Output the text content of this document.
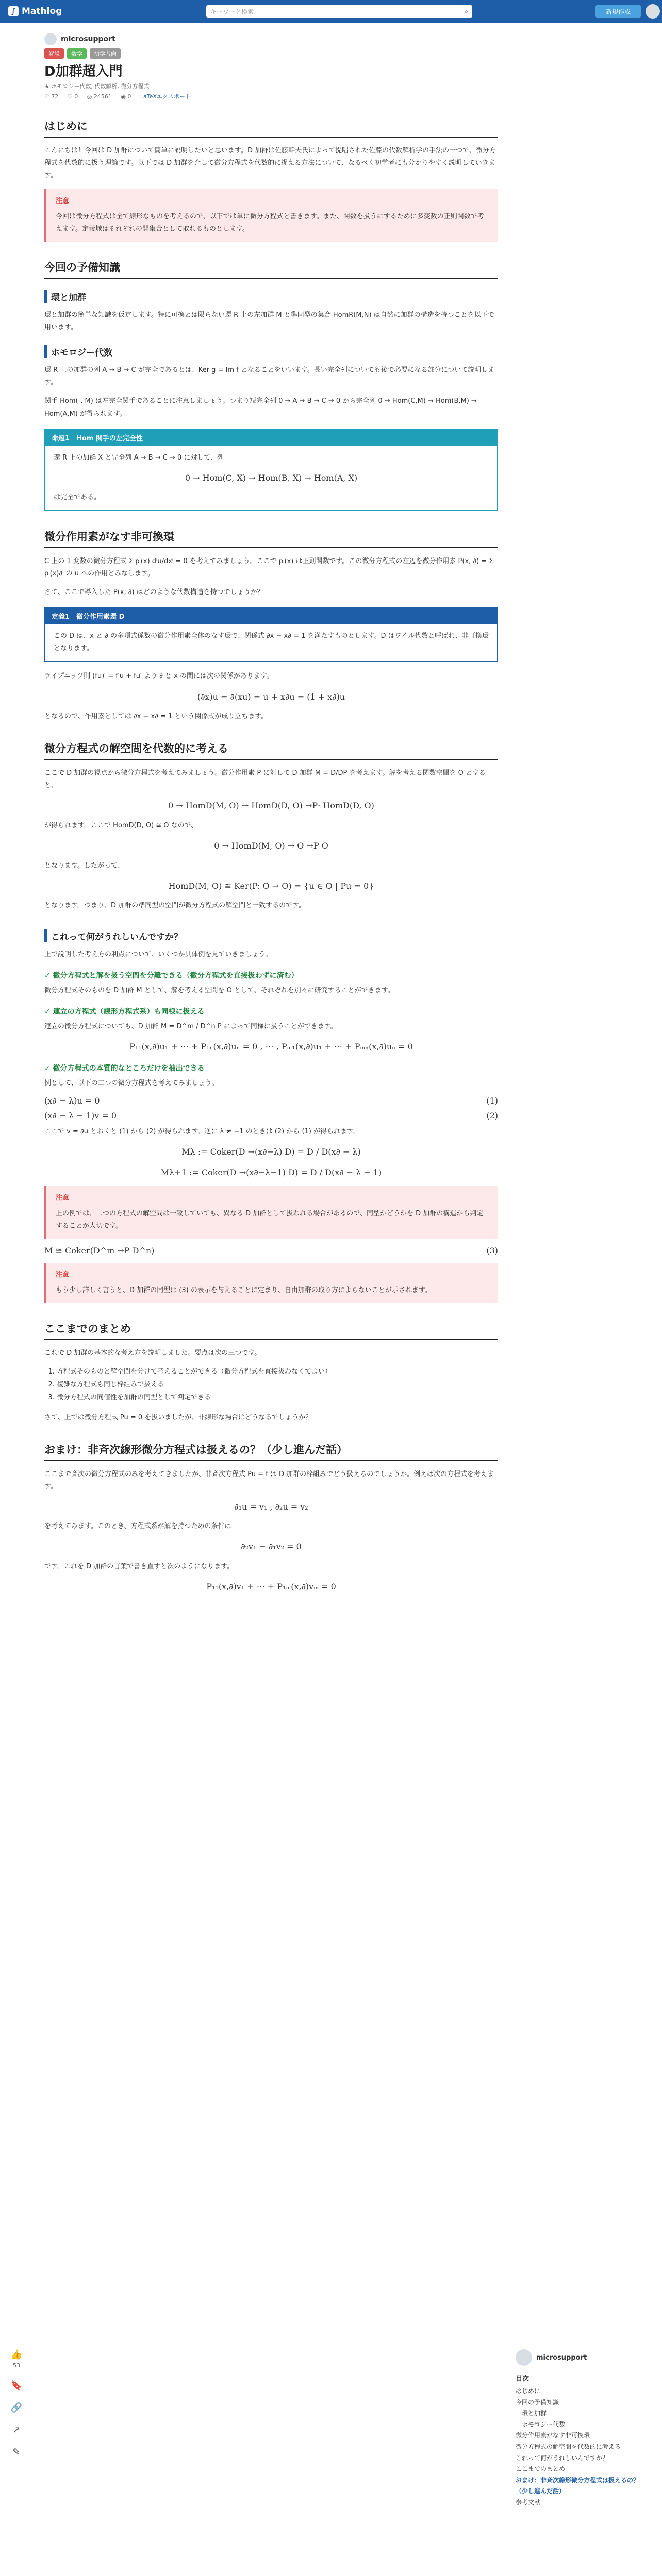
∫ Mathlog	キーワード検索	⌕	新規作成
microsupport
解説	数学	初学者向
D加群超入門
★ ホモロジー代数, 代数解析, 微分方程式
♡ 72 ♡ 0 ◎ 24561 ◉ 0 LaTeXエクスポート
はじめに

こんにちは！今回は D 加群について簡単に説明したいと思います。D 加群は佐藤幹夫氏によって提唱された佐藤の代数解析学の手法の一つで、微分方程式を代数的に扱う理論です。以下では D 加群を介して微分方程式を代数的に捉える方法について、なるべく初学者にも分かりやすく説明していきます。

注意
今回は微分方程式は全て線形なものを考えるので、以下では単に微分方程式と書きます。また、関数を扱うにするために多変数の正則関数で考えます。定義域はそれぞれの開集合として取れるものとします。
今回の予備知識
環と加群

環と加群の簡単な知識を仮定します。特に可換とは限らない環 R 上の左加群 M と準同型の集合 HomR(M,N) は自然に加群の構造を持つことを以下で用います。

ホモロジー代数

環 R 上の加群の列 A → B → C が完全であるとは、Ker g = Im f となることをいいます。長い完全列についても後で必要になる部分について説明します。

関手 Hom(-, M) は左完全関手であることに注意しましょう。つまり短完全列 0 → A → B → C → 0 から完全列 0 → Hom(C,M) → Hom(B,M) → Hom(A,M) が得られます。

命題1　Hom 関手の左完全性
環 R 上の加群 X と完全列 A → B → C → 0 に対して、列
0 → Hom(C, X) → Hom(B, X) → Hom(A, X)
は完全である。
微分作用素がなす非可換環

C 上の 1 変数の微分方程式 Σ pᵢ(x) dⁱu/dxⁱ = 0 を考えてみましょう。ここで pᵢ(x) は正則関数です。この微分方程式の左辺を微分作用素 P(x, ∂) = Σ pᵢ(x)∂ⁱ の u への作用とみなします。

さて、ここで導入した P(x, ∂) はどのような代数構造を持つでしょうか？

定義1　微分作用素環 D
この D は、x と ∂ の多項式係数の微分作用素全体のなす環で、関係式 ∂x − x∂ = 1 を満たすものとします。D はワイル代数と呼ばれ、非可換環となります。

ライプニッツ則 (fu)′ = f′u + fu′ より ∂ と x の間には次の関係があります。

(∂x)u = ∂(xu) = u + x∂u = (1 + x∂)u

となるので、作用素としては ∂x − x∂ = 1 という関係式が成り立ちます。

微分方程式の解空間を代数的に考える

ここで D 加群の視点から微分方程式を考えてみましょう。微分作用素 P に対して D 加群 M = D/DP を考えます。解を考える関数空間を O とすると、

0 → HomD(M, O) → HomD(D, O) →P· HomD(D, O)

が得られます。ここで HomD(D, O) ≅ O なので、

0 → HomD(M, O) → O →P O

となります。したがって、

HomD(M, O) ≅ Ker(P: O → O) = {u ∈ O | Pu = 0}

となります。つまり、D 加群の準同型の空間が微分方程式の解空間と一致するのです。

これって何がうれしいんですか？

上で説明した考え方の利点について、いくつか具体例を見ていきましょう。

✓ 微分方程式と解を扱う空間を分離できる（微分方程式を直接扱わずに済む）

微分方程式そのものを D 加群 M として、解を考える空間を O として、それぞれを別々に研究することができます。

✓ 連立の方程式（線形方程式系）も同様に扱える

連立の微分方程式についても、D 加群 M = D^m / D^n P によって同様に扱うことができます。

P₁₁(x,∂)u₁ + ⋯ + P₁ₙ(x,∂)uₙ = 0 , ⋯ , Pₘ₁(x,∂)u₁ + ⋯ + Pₘₙ(x,∂)uₙ = 0
✓ 微分方程式の本質的なところだけを抽出できる

例として、以下の二つの微分方程式を考えてみましょう。

(x∂ − λ)u = 0	(1)
(x∂ − λ − 1)v = 0	(2)

ここで v = ∂u とおくと (1) から (2) が得られます。逆に λ ≠ −1 のときは (2) から (1) が得られます。

Mλ := Coker(D →(x∂−λ) D) = D / D(x∂ − λ)
Mλ+1 := Coker(D →(x∂−λ−1) D) = D / D(x∂ − λ − 1)
注意
上の例では、二つの方程式の解空間は一致していても、異なる D 加群として扱われる場合があるので、同型かどうかを D 加群の構造から判定することが大切です。
M ≅ Coker(D^m →P D^n)	(3)
注意
もう少し詳しく言うと、D 加群の同型は (3) の表示を与えるごとに定まり、自由加群の取り方によらないことが示されます。
ここまでのまとめ

これで D 加群の基本的な考え方を説明しました。要点は次の三つです。

1. 方程式そのものと解空間を分けて考えることができる（微分方程式を直接扱わなくてよい）
2. 複雑な方程式も同じ枠組みで扱える
3. 微分方程式の同値性を加群の同型として判定できる

さて、上では微分方程式 Pu = 0 を扱いましたが、非線形な場合はどうなるでしょうか？

おまけ：非斉次線形微分方程式は扱えるの？（少し進んだ話）

ここまで斉次の微分方程式のみを考えてきましたが、非斉次方程式 Pu = f は D 加群の枠組みでどう扱えるのでしょうか。例えば次の方程式を考えます。

∂₁u = v₁ , ∂₂u = v₂

を考えてみます。このとき、方程式系が解を持つための条件は

∂₂v₁ − ∂₁v₂ = 0

です。これを D 加群の言葉で書き直すと次のようになります。

P₁₁(x,∂)v₁ + ⋯ + P₁ₘ(x,∂)vₘ = 0
👍
53
🔖
🔗
↗
✎
microsupport
目次
はじめに
今回の予備知識
環と加群
ホモロジー代数
微分作用素がなす非可換環
微分方程式の解空間を代数的に考える
これって何がうれしいんですか？
ここまでのまとめ
おまけ：非斉次線形微分方程式は扱えるの？（少し進んだ話）
参考文献
